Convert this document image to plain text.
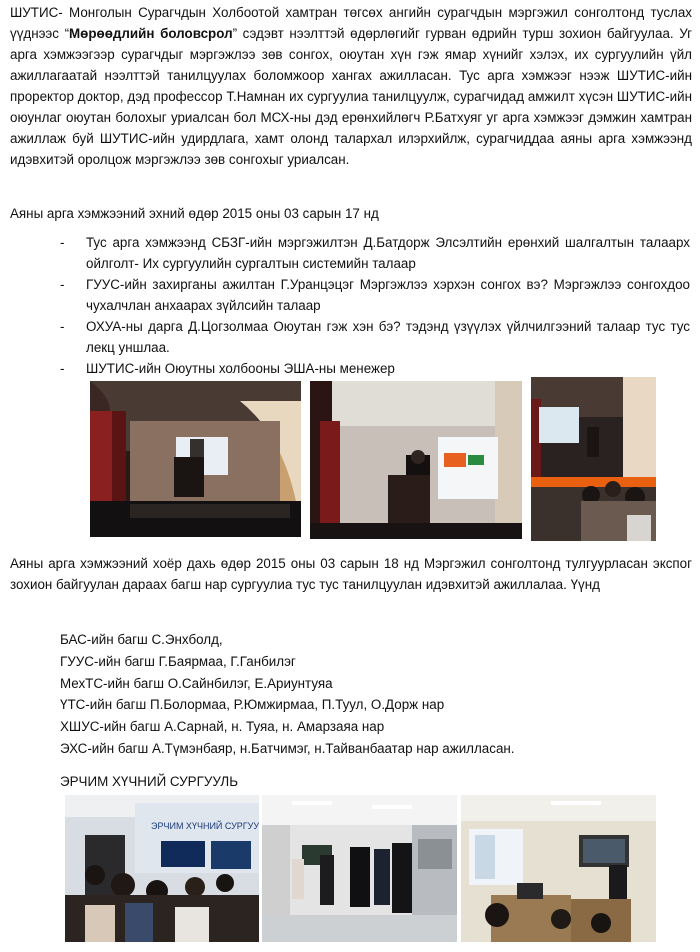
ШУТИС- Монголын Сурагчдын Холбоотой хамтран төгсөх ангийн сурагчдын мэргэжил сонголтонд туслах үүднээс “Мөрөөдлийн боловсрол” сэдэвт нээлттэй өдөрлөгийг гурван өдрийн турш зохион байгуулаа. Уг арга хэмжээгээр сурагчдыг мэргэжлээ зөв сонгох, оюутан хүн гэж ямар хүнийг хэлэх, их сургуулийн үйл ажиллагаатай нээлттэй танилцуулах боломжоор хангах ажилласан. Тус арга хэмжээг нээж ШУТИС-ийн проректор доктор, дэд профессор Т.Намнан их сургуулиа танилцуулж, сурагчидад амжилт хүсэн ШУТИС-ийн оюунлаг оюутан болохыг уриалсан бол МСХ-ны дэд ерөнхийлөгч Р.Батхуяг уг арга хэмжээг дэмжин хамтран ажиллаж буй ШУТИС-ийн удирдлага, хамт олонд талархал илэрхийлж, сурагчиддаа аяны арга хэмжээнд идэвхитэй оролцож мэргэжлээ зөв сонгохыг уриалсан.

Аяны арга хэмжээний эхний өдөр 2015 оны 03 сарын 17 нд

- Тус арга хэмжээнд СБЗГ-ийн мэргэжилтэн Д.Батдорж Элсэлтийн ерөнхий шалгалтын талаарх ойлголт- Их сургуулийн сургалтын системийн талаар
- ГУУС-ийн захирганы ажилтан Г.Уранцэцэг Мэргэжлээ хэрхэн сонгох вэ? Мэргэжлээ сонгохдоо чухалчлан анхаарах зүйлсийн талаар
- ОХУА-ны дарга Д.Цогзолмаа Оюутан гэж хэн бэ? тэдэнд үзүүлэх үйлчилгээний талаар тус тус лекц уншлаа.
- ШУТИС-ийн Оюутны холбооны ЭША-ны менежер

Аяны арга хэмжээний хоёр дахь өдөр 2015 оны 03 сарын 18 нд Мэргэжил сонголтонд тулгуурласан экспог зохион байгуулан дараах багш нар сургуулиа тус тус танилцуулан идэвхитэй ажиллалаа. Үүнд

БАС-ийн багш С.Энхболд,
ГУУС-ийн багш Г.Баярмаа, Г.Ганбилэг
МехТС-ийн багш О.Сайнбилэг, Е.Ариунтуяа
ҮТС-ийн багш П.Болормаа, Р.Юмжирмаа, П.Туул, О.Дорж нар
ХШУС-ийн багш А.Сарнай, н. Туяа, н. Амарзаяа нар
ЭХС-ийн багш А.Түмэнбаяр, н.Батчимэг, н.Тайванбаатар нар ажилласан.

ЭРЧИМ ХҮЧНИЙ СУРГУУЛЬ

ЭРЧИМ ХҮЧНИЙ СУРГУУ
